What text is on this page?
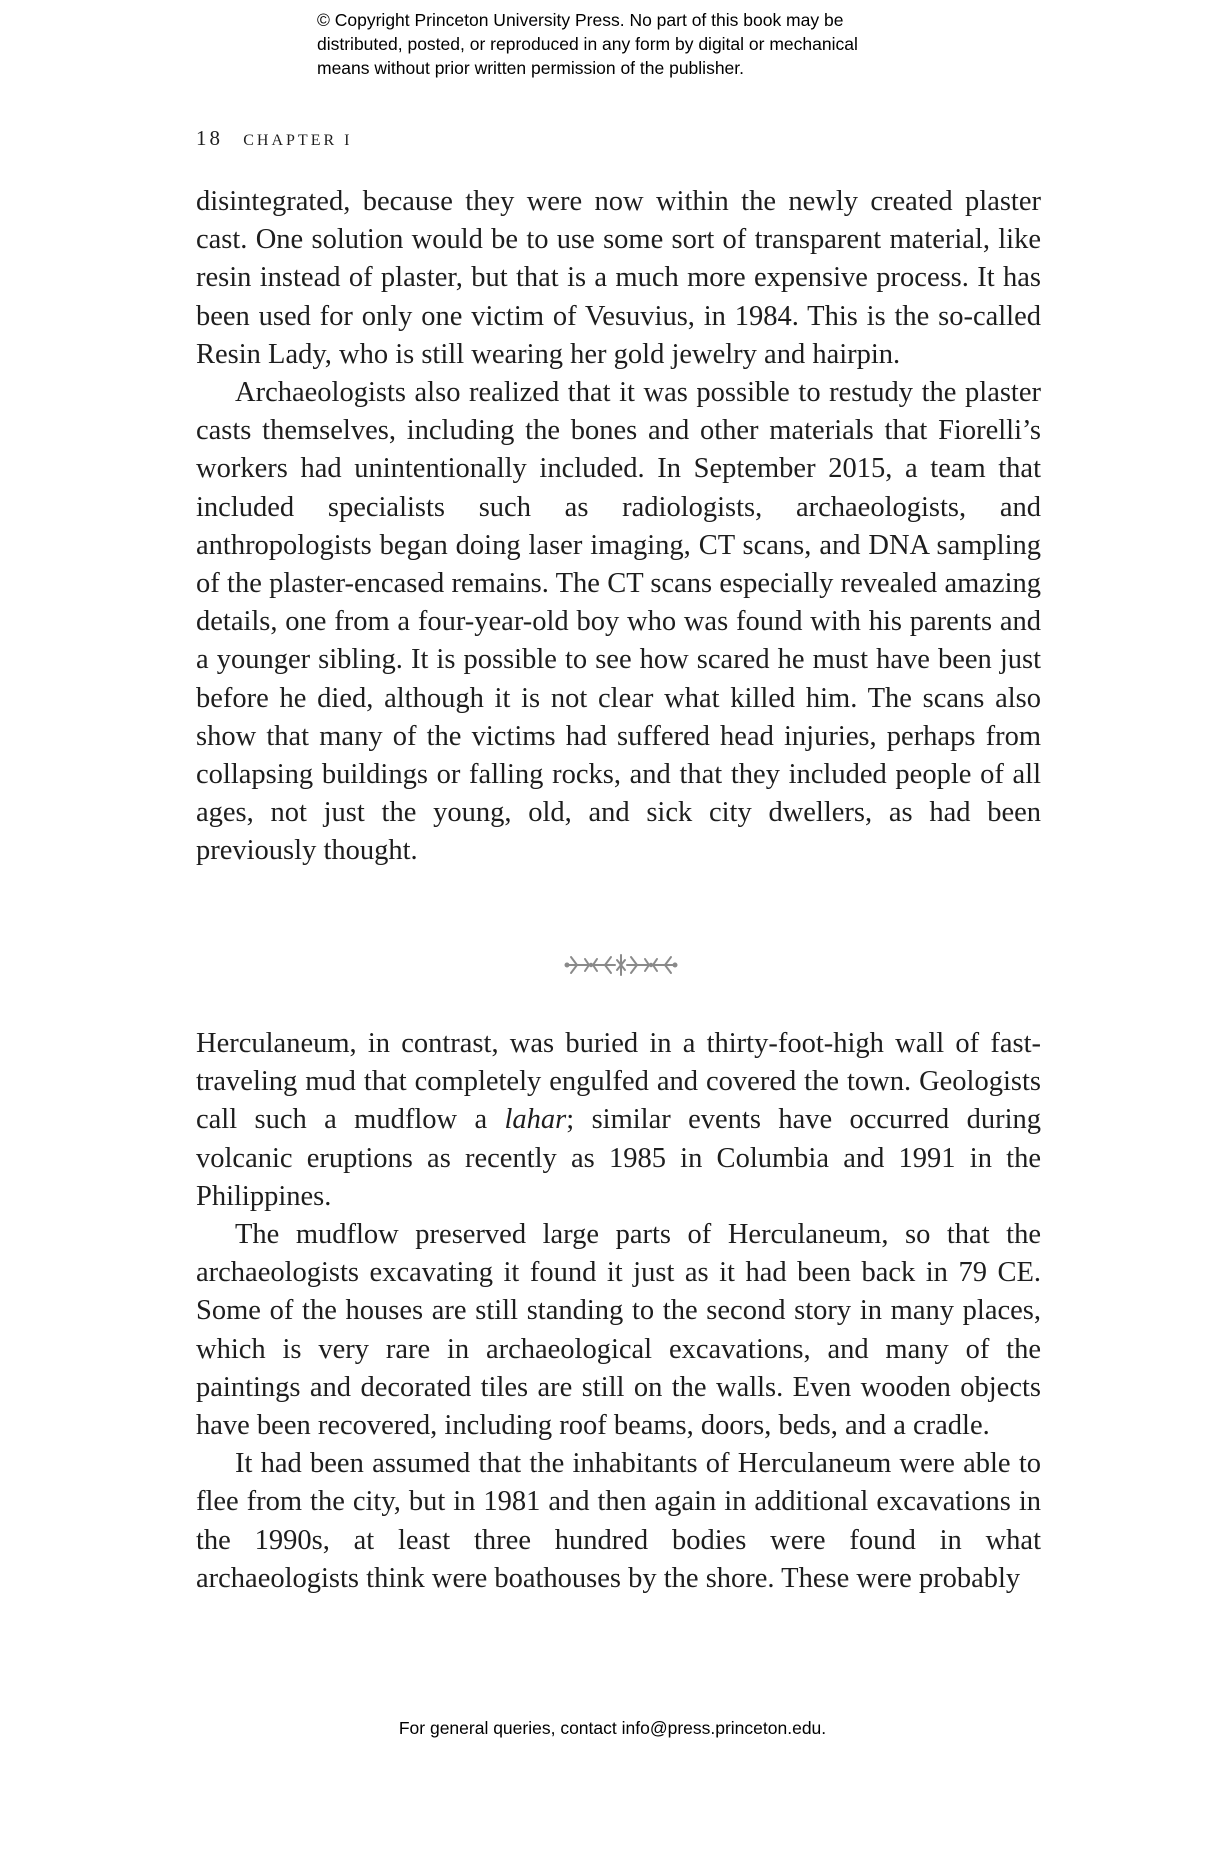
© Copyright Princeton University Press. No part of this book may be
distributed, posted, or reproduced in any form by digital or mechanical
means without prior written permission of the publisher.
18 CHAPTER I

disintegrated, because they were now within the newly created plaster cast. One solution would be to use some sort of transparent material, like resin instead of plaster, but that is a much more expensive process. It has been used for only one victim of Vesuvius, in 1984. This is the so-called Resin Lady, who is still wearing her gold jewelry and hairpin.

Archaeologists also realized that it was possible to restudy the plaster casts themselves, including the bones and other materials that Fiorelli’s workers had unintentionally included. In September 2015, a team that included specialists such as radiologists, archaeologists, and anthropologists began doing laser imaging, CT scans, and DNA sampling of the plaster-encased remains. The CT scans especially revealed amazing details, one from a four-year-old boy who was found with his parents and a younger sibling. It is possible to see how scared he must have been just before he died, although it is not clear what killed him. The scans also show that many of the victims had suffered head injuries, perhaps from collapsing buildings or falling rocks, and that they included people of all ages, not just the young, old, and sick city dwellers, as had been previously thought.

Herculaneum, in contrast, was buried in a thirty-foot-high wall of fast-traveling mud that completely engulfed and covered the town. Geologists call such a mudflow a lahar; similar events have occurred during volcanic eruptions as recently as 1985 in Columbia and 1991 in the Philippines.

The mudflow preserved large parts of Herculaneum, so that the archaeologists excavating it found it just as it had been back in 79 CE. Some of the houses are still standing to the second story in many places, which is very rare in archaeological excavations, and many of the paintings and decorated tiles are still on the walls. Even wooden objects have been recovered, including roof beams, doors, beds, and a cradle.

It had been assumed that the inhabitants of Herculaneum were able to flee from the city, but in 1981 and then again in additional excavations in the 1990s, at least three hundred bodies were found in what archaeologists think were boathouses by the shore. These were probably

For general queries, contact info@press.princeton.edu.
